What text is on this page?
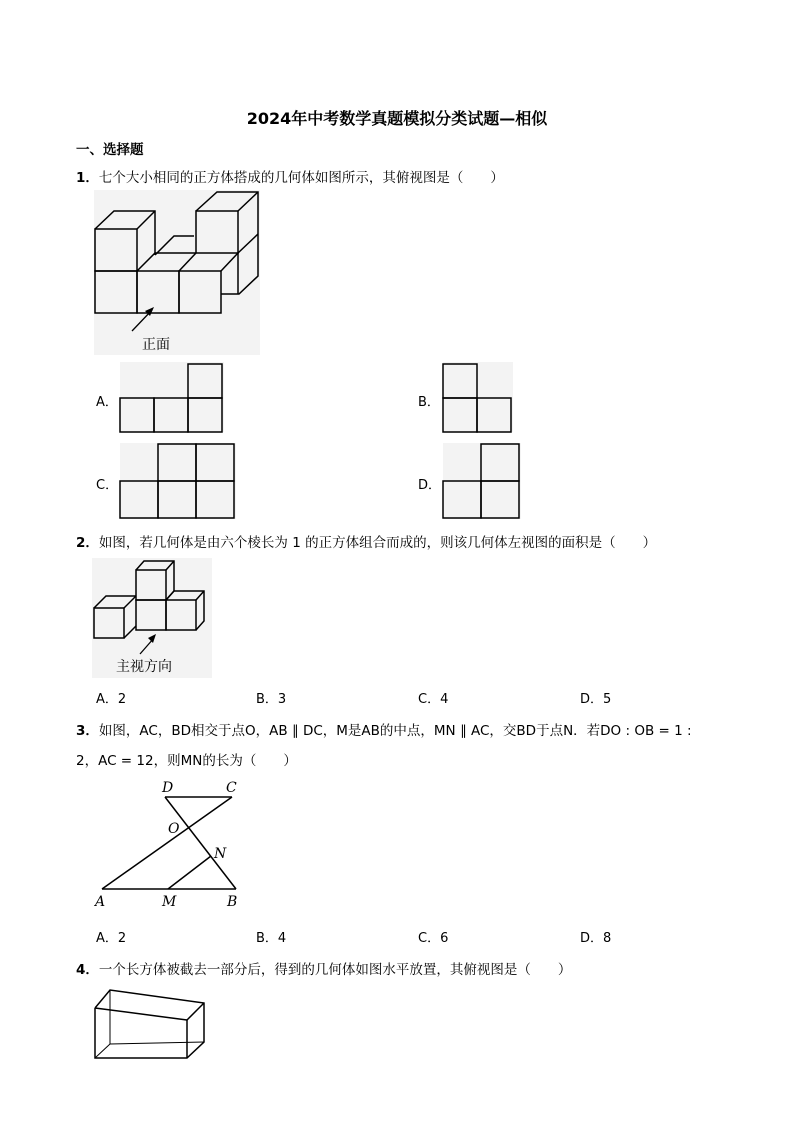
2024年中考数学真题模拟分类试题—相似
一、选择题
1．七个大小相同的正方体搭成的几何体如图所示，其俯视图是（　　）
正面
A．	B．
C．	D．
2．如图，若几何体是由六个棱长为 1 的正方体组合而成的，则该几何体左视图的面积是（　　）
主视方向
A．2	B．3	C．4	D．5
3．如图，AC，BD相交于点O，AB ∥ DC，M是AB的中点，MN ∥ AC，交BD于点N．若DO : OB = 1 :
2，AC = 12，则MN的长为（　　）
D	C
O
N
A	M	B
A．2	B．4	C．6	D．8
4．一个长方体被截去一部分后，得到的几何体如图水平放置，其俯视图是（　　）
